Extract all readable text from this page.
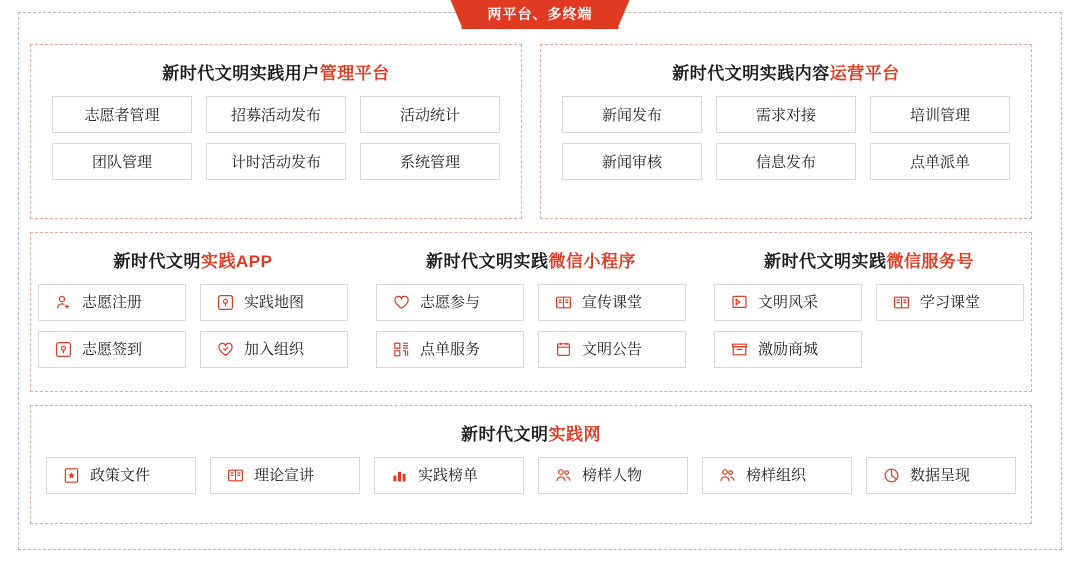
两平台、多终端
新时代文明实践用户管理平台
志愿者管理	招募活动发布	活动统计
团队管理	计时活动发布	系统管理
新时代文明实践内容运营平台
新闻发布	需求对接	培训管理
新闻审核	信息发布	点单派单
新时代文明实践APP
志愿注册	实践地图
志愿签到	加入组织
新时代文明实践微信小程序
志愿参与	宣传课堂
点单服务	文明公告
新时代文明实践微信服务号
文明风采	学习课堂
激励商城
新时代文明实践网
政策文件	理论宣讲	实践榜单	榜样人物	榜样组织	数据呈现
